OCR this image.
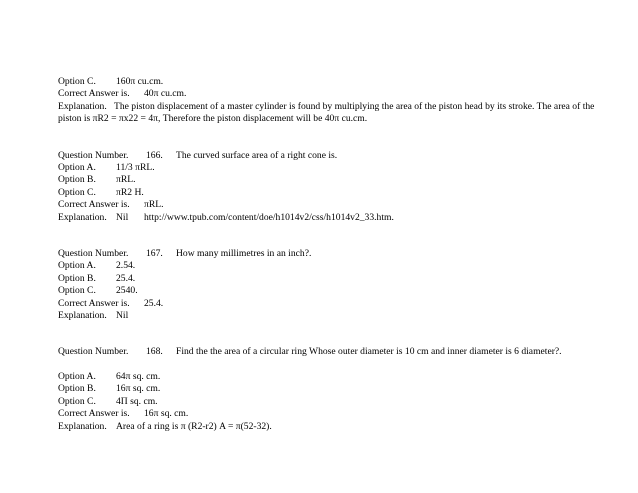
Option C. 160π cu.cm.
Correct Answer is. 40π cu.cm.
Explanation. The piston displacement of a master cylinder is found by multiplying the area of the piston head by its stroke. The area of the piston is πR2 = πx22 = 4π, Therefore the piston displacement will be 40π cu.cm.
Question Number. 166. The curved surface area of a right cone is.
Option A. 11/3 πRL.
Option B. πRL.
Option C. πR2 H.
Correct Answer is. πRL.
Explanation. Nil http://www.tpub.com/content/doe/h1014v2/css/h1014v2_33.htm.
Question Number. 167. How many millimetres in an inch?.
Option A. 2.54.
Option B. 25.4.
Option C. 2540.
Correct Answer is. 25.4.
Explanation. Nil
Question Number. 168. Find the the area of a circular ring Whose outer diameter is 10 cm and inner diameter is 6 diameter?.
Option A. 64π sq. cm.
Option B. 16π sq. cm.
Option C. 4Π sq. cm.
Correct Answer is. 16π sq. cm.
Explanation. Area of a ring is π (R2-r2) A = π(52-32).
